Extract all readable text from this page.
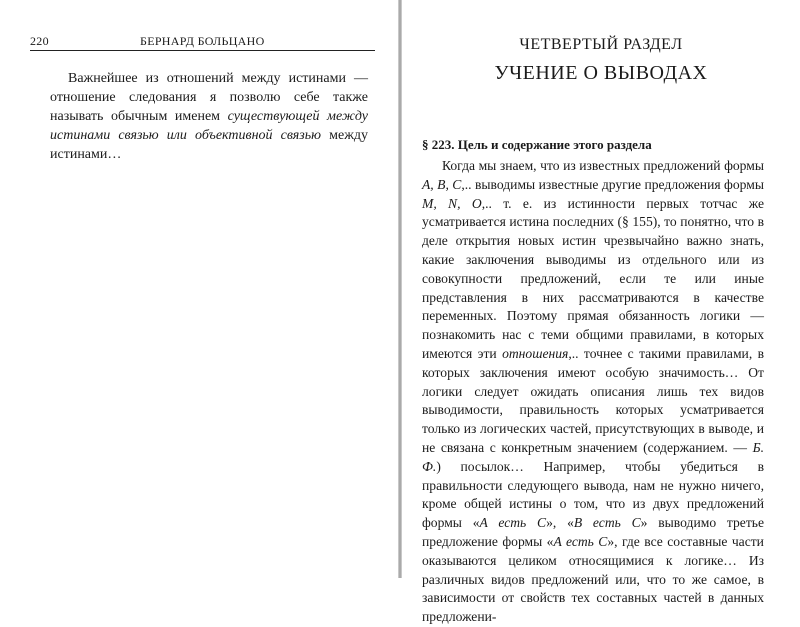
220	БЕРНАРД БОЛЬЦАНО

Важнейшее из отношений между истинами — отношение следования я позволю себе также называть обычным именем существующей между истинами связью или объективной связью между истинами…

ЧЕТВЕРТЫЙ РАЗДЕЛ
УЧЕНИЕ О ВЫВОДАХ
§ 223. Цель и содержание этого раздела

Когда мы знаем, что из известных предложений формы A, B, C,.. выводимы известные другие предложения формы M, N, O,.. т. е. из истинности первых тотчас же усматривается истина последних (§ 155), то понятно, что в деле открытия новых истин чрезвычайно важно знать, какие заключения выводимы из отдельного или из совокупности предложений, если те или иные представления в них рассматриваются в качестве переменных. Поэтому прямая обязанность логики — познакомить нас с теми общими правилами, в которых имеются эти отношения,.. точнее с такими правилами, в которых заключения имеют особую значимость… От логики следует ожидать описания лишь тех видов выводимости, правильность которых усматривается только из логических частей, присутствующих в выводе, и не связана с конкретным значением (содержанием. — Б. Ф.) посылок… Например, чтобы убедиться в правильности следующего вывода, нам не нужно ничего, кроме общей истины о том, что из двух предложений формы «A есть C», «B есть C» выводимо третье предложение формы «A есть C», где все составные части оказываются целиком относящимися к логике… Из различных видов предложений или, что то же самое, в зависимости от свойств тех составных частей в данных предложени-
